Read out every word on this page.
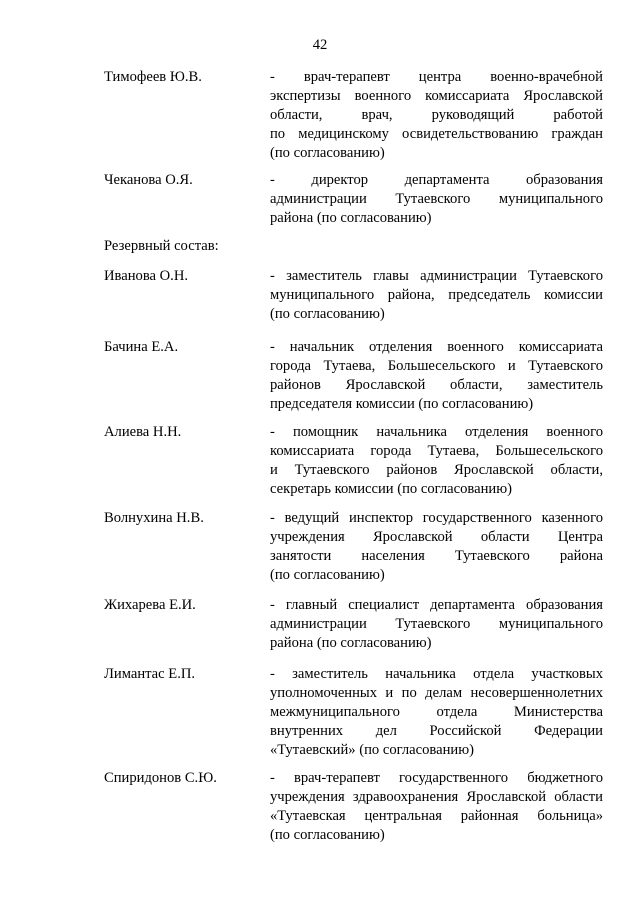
42
Тимофеев Ю.В.	- врач-терапевт центра военно-врачебной
экспертизы военного комиссариата Ярославской
области, врач, руководящий работой
по медицинскому освидетельствованию граждан
(по согласованию)
Чеканова О.Я.	- директор департамента образования
администрации Тутаевского муниципального
района (по согласованию)
Резервный состав:
Иванова О.Н.	- заместитель главы администрации Тутаевского
муниципального района, председатель комиссии
(по согласованию)
Бачина Е.А.	- начальник отделения военного комиссариата
города Тутаева, Большесельского и Тутаевского
районов Ярославской области, заместитель
председателя комиссии (по согласованию)
Алиева Н.Н.	- помощник начальника отделения военного
комиссариата города Тутаева, Большесельского
и Тутаевского районов Ярославской области,
секретарь комиссии (по согласованию)
Волнухина Н.В.	- ведущий инспектор государственного казенного
учреждения Ярославской области Центра
занятости населения Тутаевского района
(по согласованию)
Жихарева Е.И.	- главный специалист департамента образования
администрации Тутаевского муниципального
района (по согласованию)
Лимантас Е.П.	- заместитель начальника отдела участковых
уполномоченных и по делам несовершеннолетних
межмуниципального отдела Министерства
внутренних дел Российской Федерации
«Тутаевский» (по согласованию)
Спиридонов С.Ю.	- врач-терапевт государственного бюджетного
учреждения здравоохранения Ярославской области
«Тутаевская центральная районная больница»
(по согласованию)
